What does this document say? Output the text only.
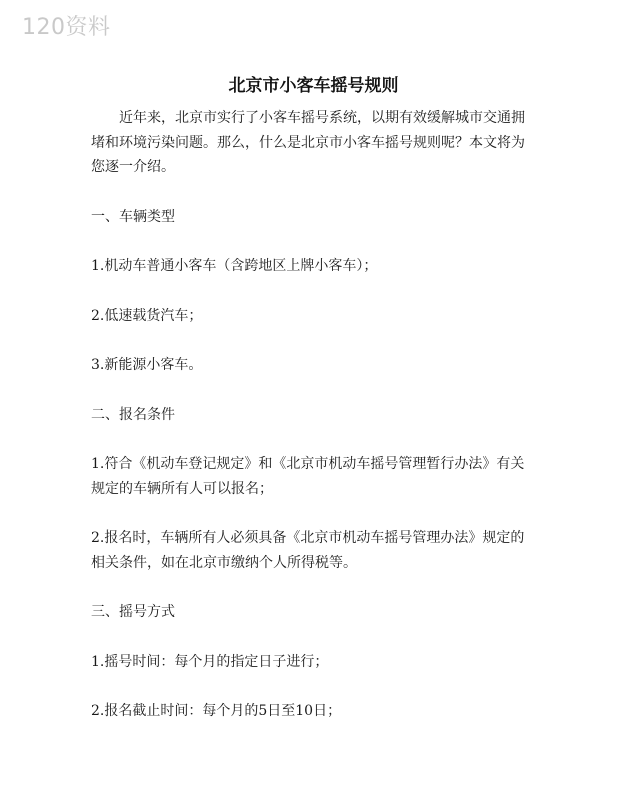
120资料
北京市小客车摇号规则

近年来，北京市实行了小客车摇号系统，以期有效缓解城市交通拥堵和环境污染问题。那么，什么是北京市小客车摇号规则呢？本文将为您逐一介绍。

一、车辆类型

1.机动车普通小客车（含跨地区上牌小客车）；

2.低速载货汽车；

3.新能源小客车。

二、报名条件

1.符合《机动车登记规定》和《北京市机动车摇号管理暂行办法》有关规定的车辆所有人可以报名；

2.报名时，车辆所有人必须具备《北京市机动车摇号管理办法》规定的相关条件，如在北京市缴纳个人所得税等。

三、摇号方式

1.摇号时间：每个月的指定日子进行；

2.报名截止时间：每个月的5日至10日；
